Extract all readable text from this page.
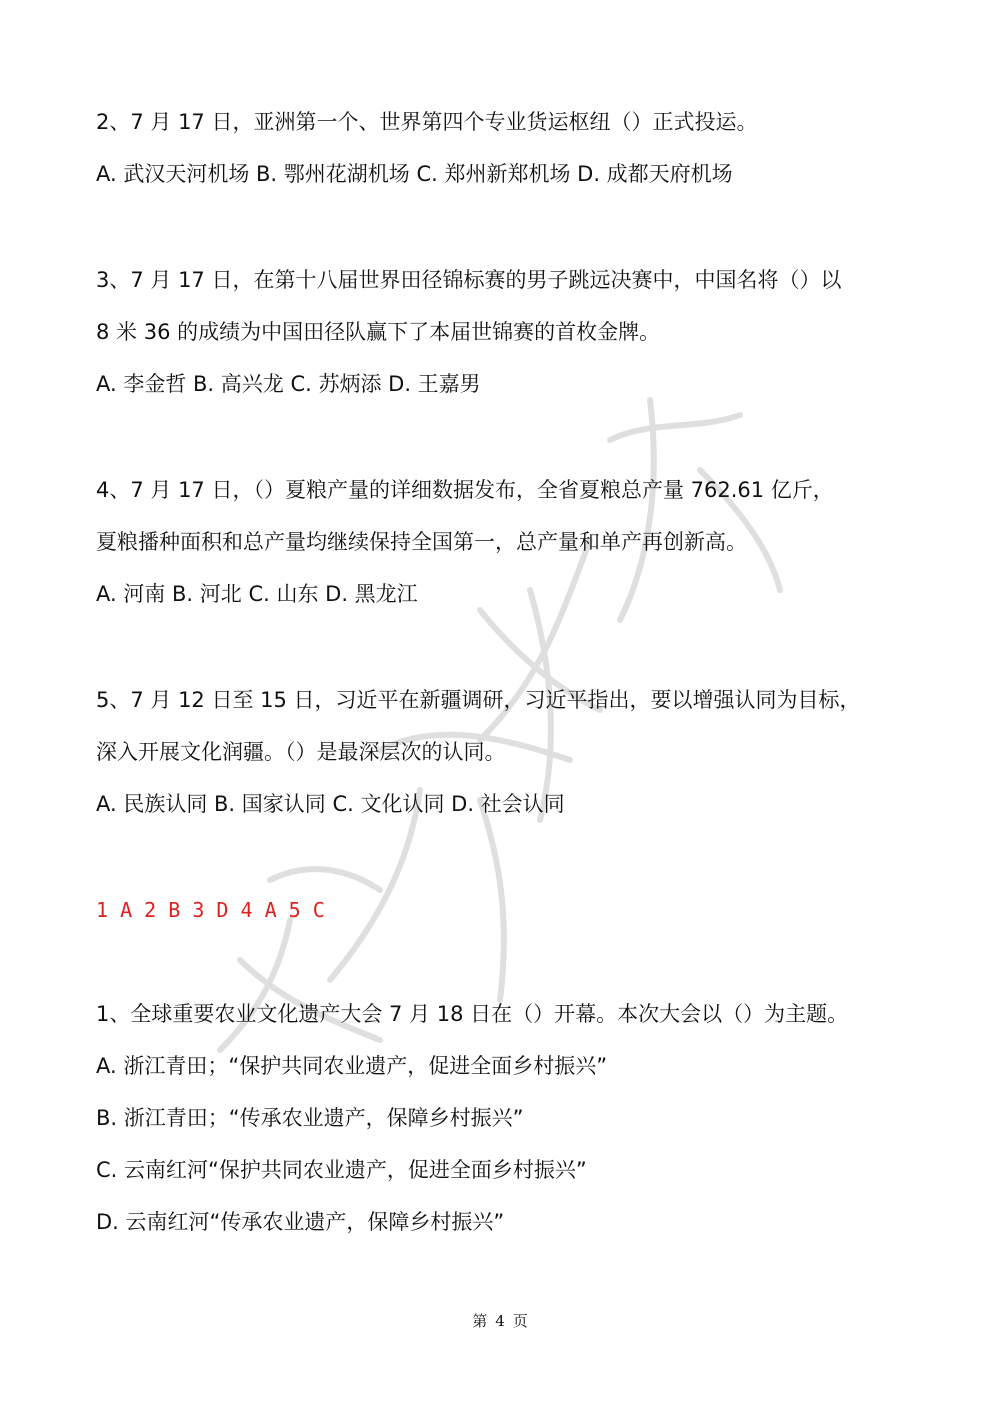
2、7 月 17 日，亚洲第一个、世界第四个专业货运枢纽（）正式投运。

A. 武汉天河机场 B. 鄂州花湖机场 C. 郑州新郑机场 D. 成都天府机场

3、7 月 17 日，在第十八届世界田径锦标赛的男子跳远决赛中，中国名将（）以

8 米 36 的成绩为中国田径队赢下了本届世锦赛的首枚金牌。

A. 李金哲 B. 高兴龙 C. 苏炳添 D. 王嘉男

4、7 月 17 日，（）夏粮产量的详细数据发布，全省夏粮总产量 762.61 亿斤，

夏粮播种面积和总产量均继续保持全国第一，总产量和单产再创新高。

A. 河南 B. 河北 C. 山东 D. 黑龙江

5、7 月 12 日至 15 日，习近平在新疆调研，习近平指出，要以增强认同为目标，

深入开展文化润疆。（）是最深层次的认同。

A. 民族认同 B. 国家认同 C. 文化认同 D. 社会认同

1 A 2 B 3 D 4 A 5 C

1、全球重要农业文化遗产大会 7 月 18 日在（）开幕。本次大会以（）为主题。

A. 浙江青田；“保护共同农业遗产，促进全面乡村振兴”

B. 浙江青田；“传承农业遗产，保障乡村振兴”

C. 云南红河“保护共同农业遗产，促进全面乡村振兴”

D. 云南红河“传承农业遗产，保障乡村振兴”

第 4 页
